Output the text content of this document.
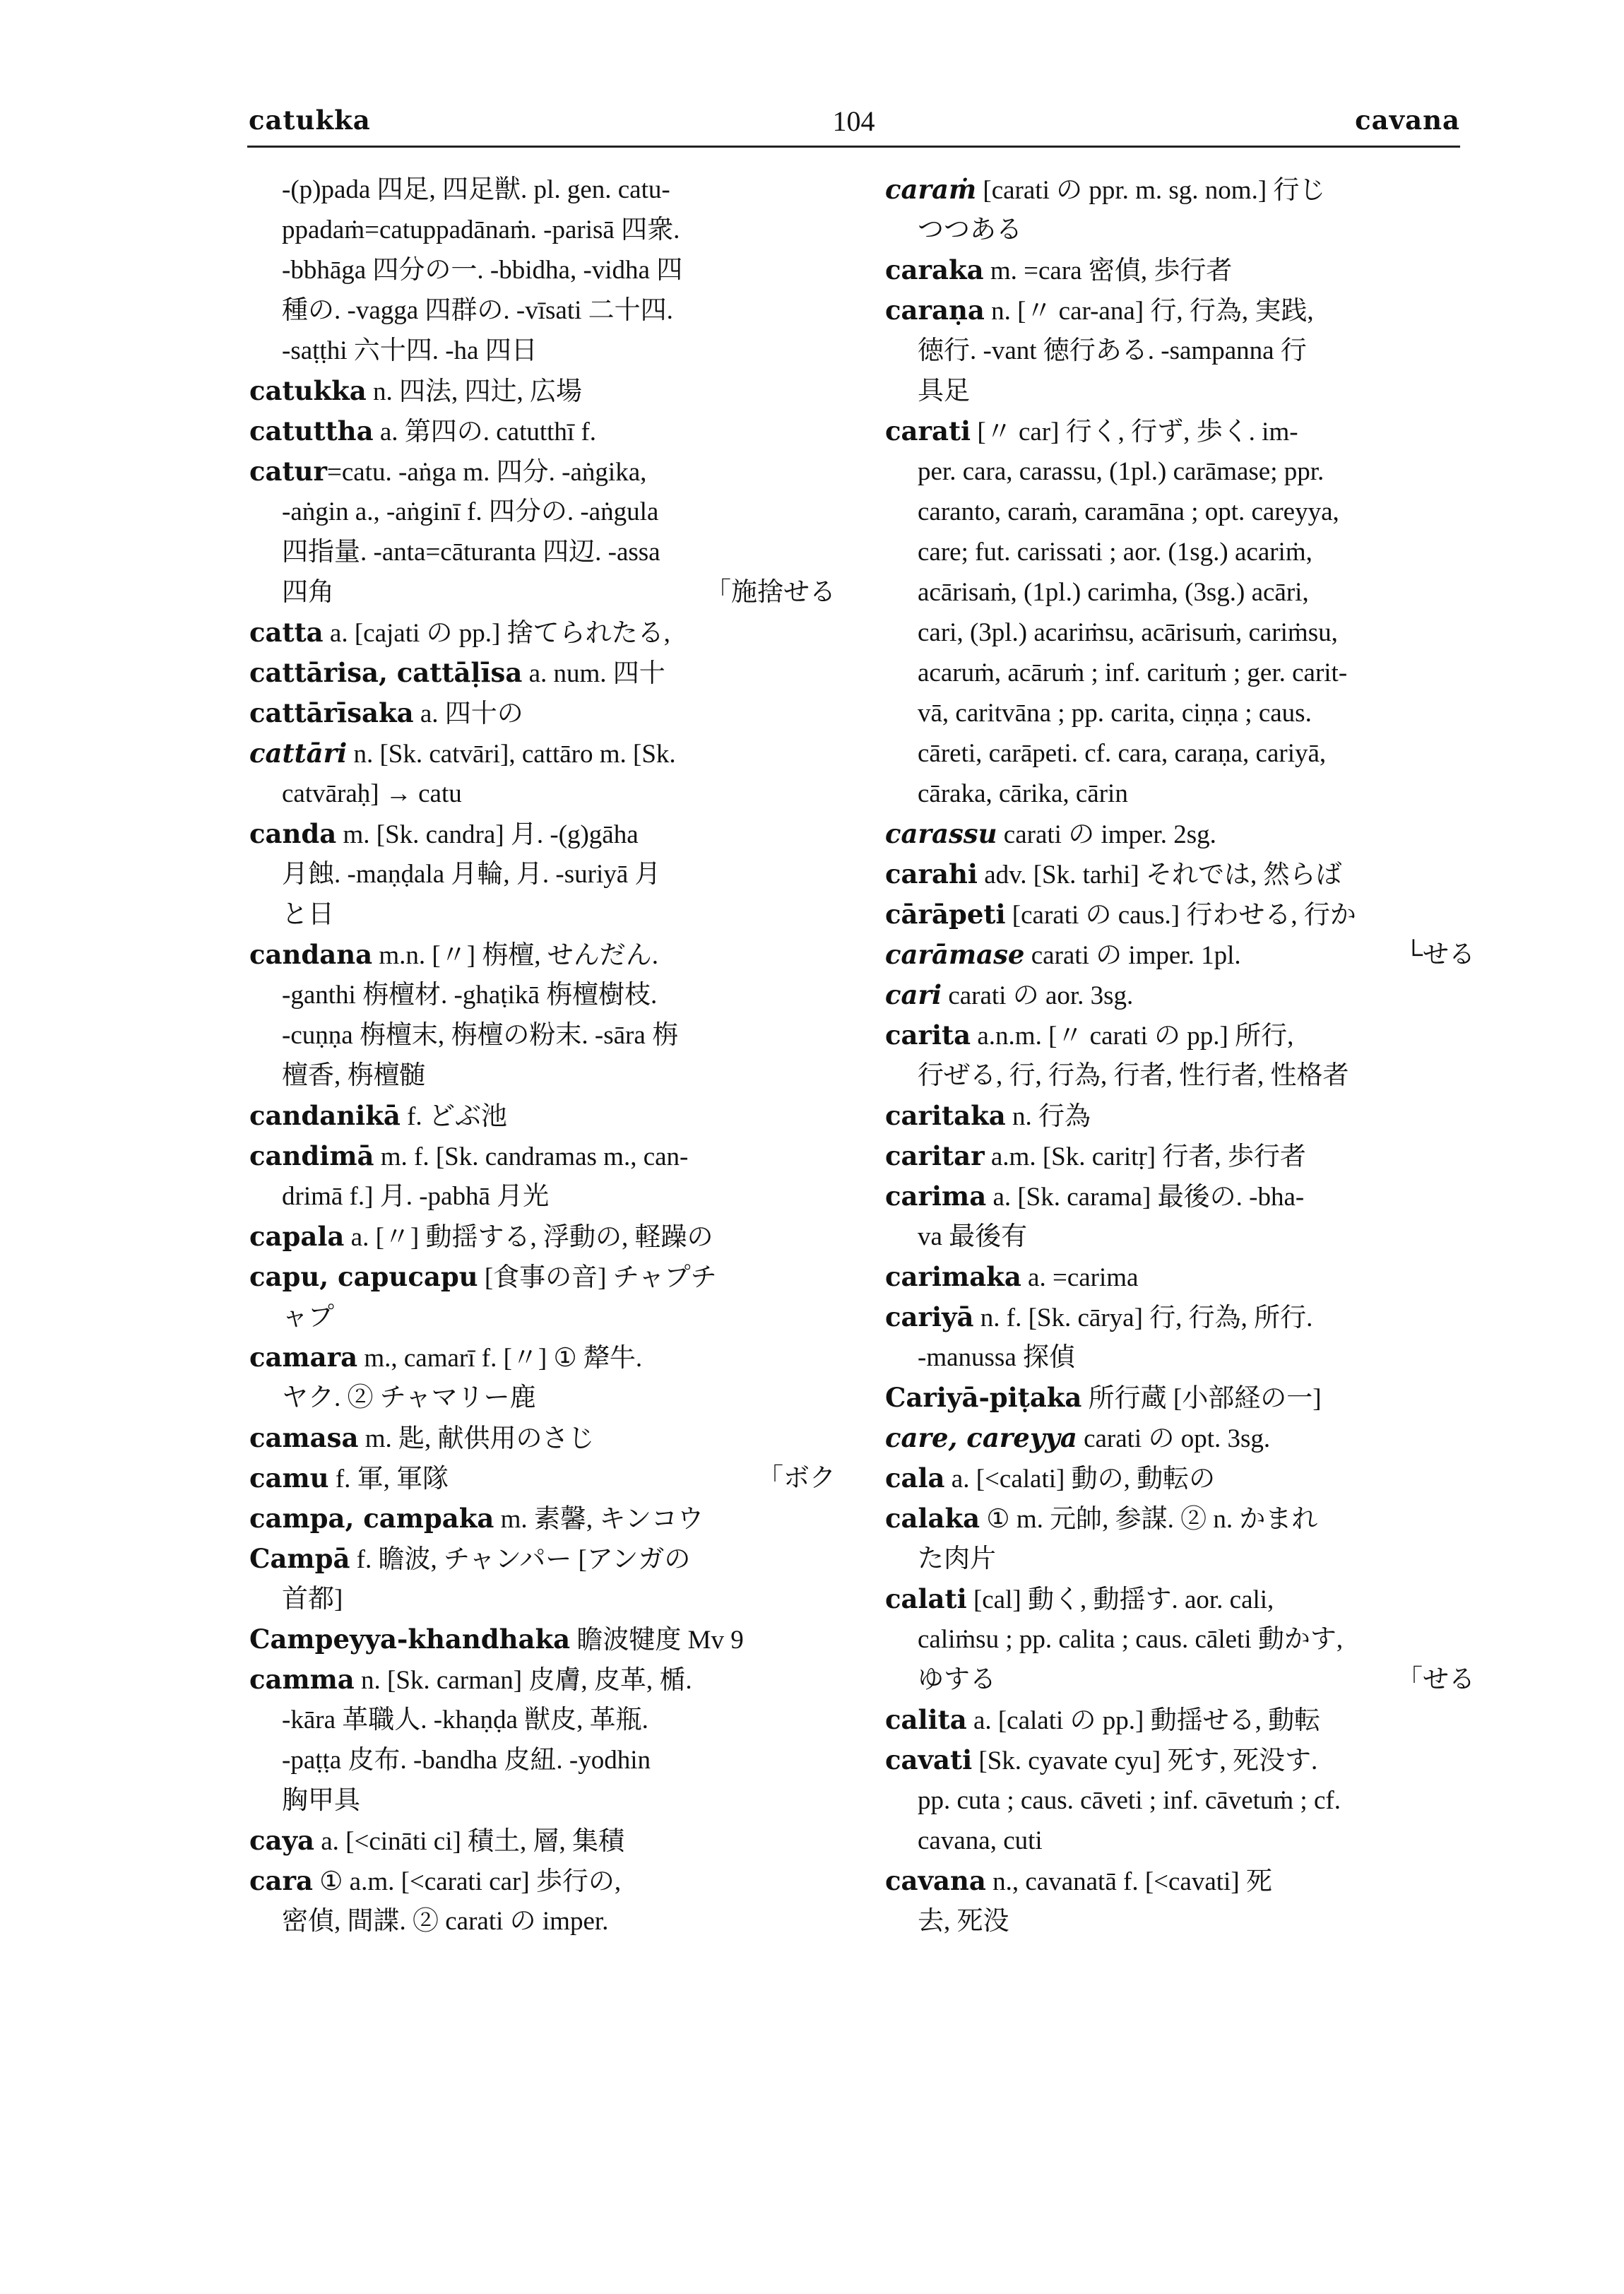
catukka	104	cavana
-(p)pada 四足, 四足獣. pl. gen. catu-
ppadaṁ=catuppadānaṁ. -parisā 四衆.
-bbhāga 四分の一. -bbidha, -vidha 四
種の. -vagga 四群の. -vīsati 二十四.
-saṭṭhi 六十四. -ha 四日
catukka n. 四法, 四辻, 広場
catuttha a. 第四の. catutthī f.
catur=catu. -aṅga m. 四分. -aṅgika,
-aṅgin a., -aṅginī f. 四分の. -aṅgula
四指量. -anta=cāturanta 四辺. -assa
四角	「施捨せる
catta a. [cajati の pp.] 捨てられたる,
cattārisa, cattāḷīsa a. num. 四十
cattārīsaka a. 四十の
cattāri n. [Sk. catvāri], cattāro m. [Sk.
catvāraḥ] → catu
canda m. [Sk. candra] 月. -(g)gāha
月蝕. -maṇḍala 月輪, 月. -suriyā 月
と日
candana m.n. [〃] 栴檀, せんだん.
-ganthi 栴檀材. -ghaṭikā 栴檀樹枝.
-cuṇṇa 栴檀末, 栴檀の粉末. -sāra 栴
檀香, 栴檀髄
candanikā f. どぶ池
candimā m. f. [Sk. candramas m., can-
drimā f.] 月. -pabhā 月光
capala a. [〃] 動揺する, 浮動の, 軽躁の
capu, capucapu [食事の音] チャプチ
ャプ
camara m., camarī f. [〃] ① 犛牛.
ヤク. ② チャマリー鹿
camasa m. 匙, 献供用のさじ
camu f. 軍, 軍隊	「ボク
campa, campaka m. 素馨, キンコウ
Campā f. 瞻波, チャンパー [アンガの
首都]
Campeyya-khandhaka 瞻波犍度 Mv 9
camma n. [Sk. carman] 皮膚, 皮革, 楯.
-kāra 革職人. -khaṇḍa 獣皮, 革瓶.
-paṭṭa 皮布. -bandha 皮紐. -yodhin
胸甲具
caya a. [<cināti ci] 積土, 層, 集積
cara ① a.m. [<carati car] 歩行の,
密偵, 間諜. ② carati の imper.
caraṁ [carati の ppr. m. sg. nom.] 行じ
つつある
caraka m. =cara 密偵, 歩行者
caraṇa n. [〃 car-ana] 行, 行為, 実践,
徳行. -vant 徳行ある. -sampanna 行
具足
carati [〃 car] 行く, 行ず, 歩く. im-
per. cara, carassu, (1pl.) carāmase; ppr.
caranto, caraṁ, caramāna ; opt. careyya,
care; fut. carissati ; aor. (1sg.) acariṁ,
acārisaṁ, (1pl.) carimha, (3sg.) acāri,
cari, (3pl.) acariṁsu, acārisuṁ, cariṁsu,
acaruṁ, acāruṁ ; inf. carituṁ ; ger. carit-
vā, caritvāna ; pp. carita, ciṇṇa ; caus.
cāreti, carāpeti. cf. cara, caraṇa, cariyā,
cāraka, cārika, cārin
carassu carati の imper. 2sg.
carahi adv. [Sk. tarhi] それでは, 然らば
cārāpeti [carati の caus.] 行わせる, 行か
carāmase carati の imper. 1pl.	└せる
cari carati の aor. 3sg.
carita a.n.m. [〃 carati の pp.] 所行,
行ぜる, 行, 行為, 行者, 性行者, 性格者
caritaka n. 行為
caritar a.m. [Sk. caritṛ] 行者, 歩行者
carima a. [Sk. carama] 最後の. -bha-
va 最後有
carimaka a. =carima
cariyā n. f. [Sk. cārya] 行, 行為, 所行.
-manussa 探偵
Cariyā-piṭaka 所行蔵 [小部経の一]
care, careyya carati の opt. 3sg.
cala a. [<calati] 動の, 動転の
calaka ① m. 元帥, 参謀. ② n. かまれ
た肉片
calati [cal] 動く, 動揺す. aor. cali,
caliṁsu ; pp. calita ; caus. cāleti 動かす,
ゆする	「せる
calita a. [calati の pp.] 動揺せる, 動転
cavati [Sk. cyavate cyu] 死す, 死没す.
pp. cuta ; caus. cāveti ; inf. cāvetuṁ ; cf.
cavana, cuti
cavana n., cavanatā f. [<cavati] 死
去, 死没
